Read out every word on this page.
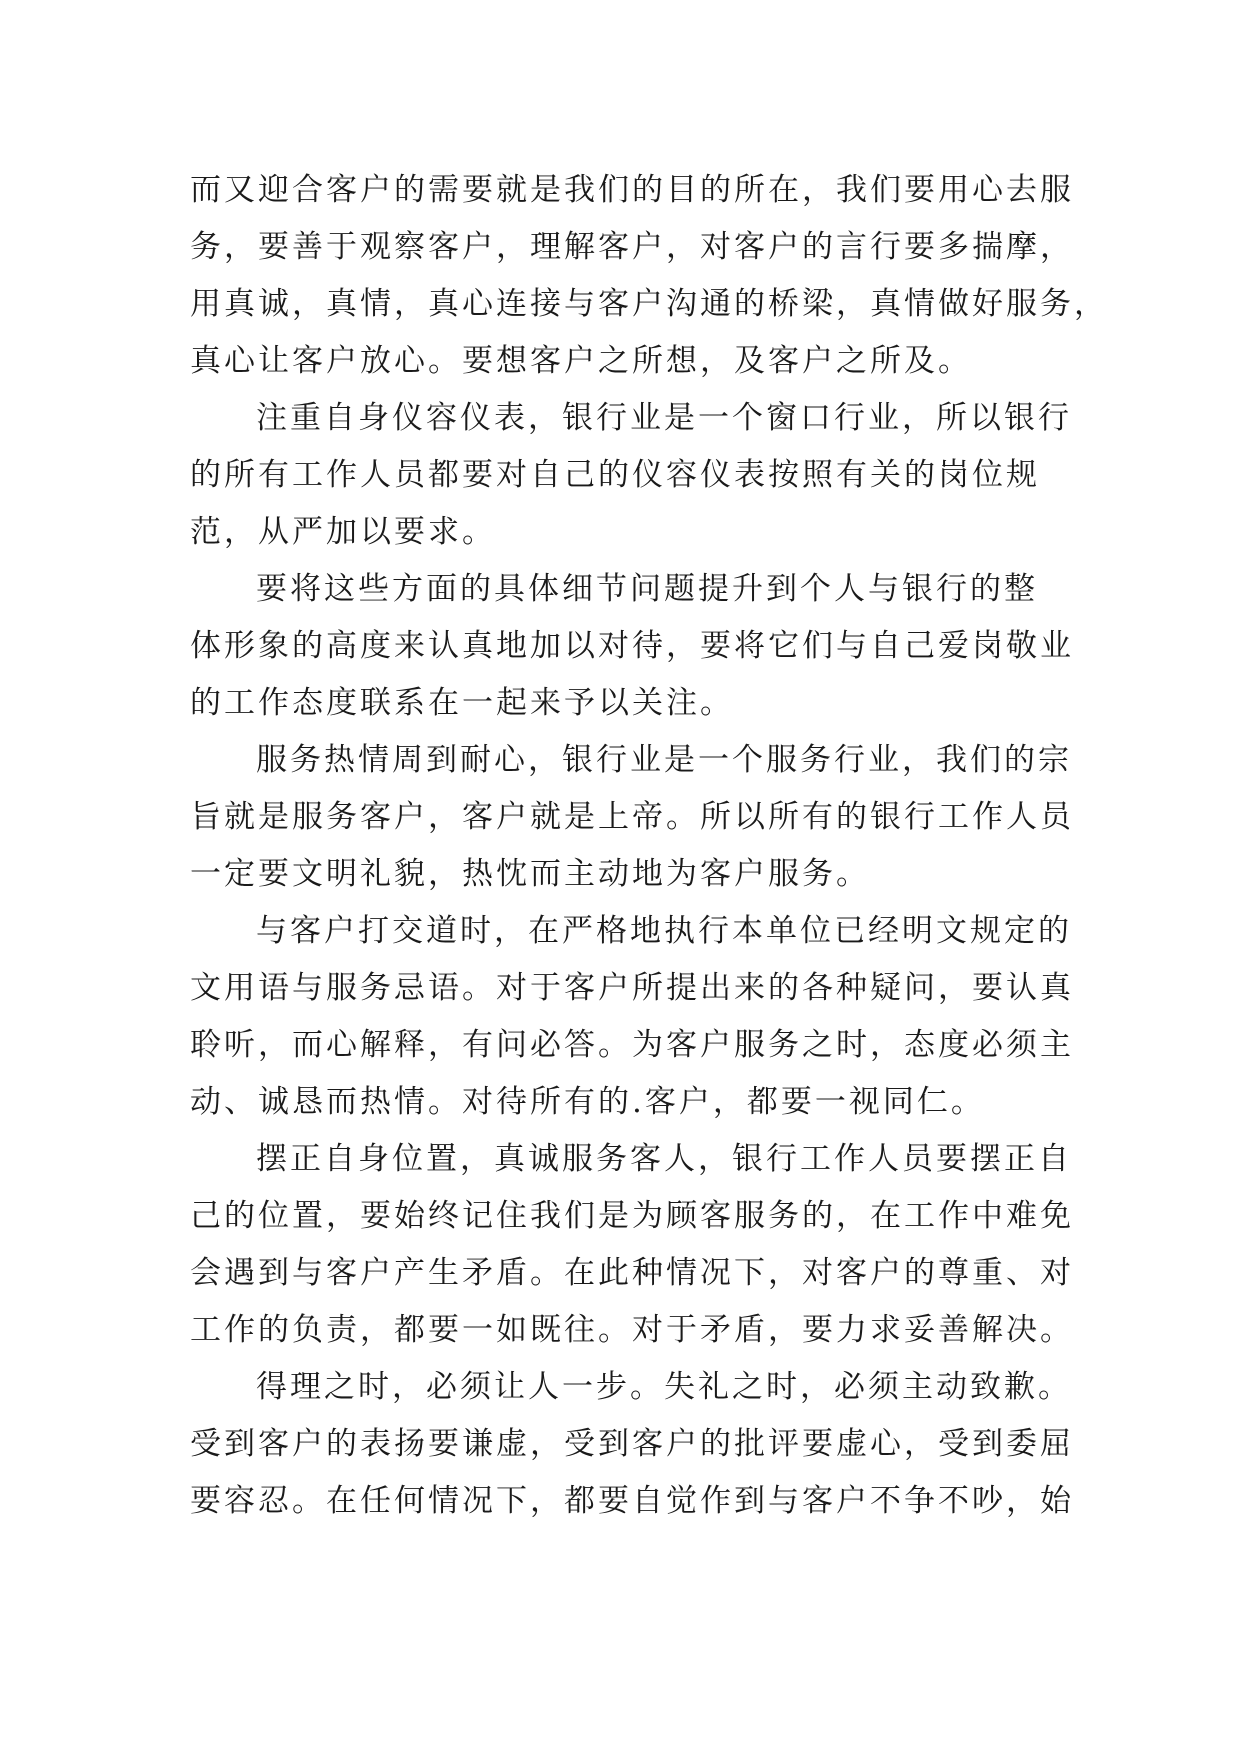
而又迎合客户的需要就是我们的目的所在，我们要用心去服
务，要善于观察客户，理解客户，对客户的言行要多揣摩，
用真诚，真情，真心连接与客户沟通的桥梁，真情做好服务，
真心让客户放心。要想客户之所想，及客户之所及。
注重自身仪容仪表，银行业是一个窗口行业，所以银行
的所有工作人员都要对自己的仪容仪表按照有关的岗位规
范，从严加以要求。
要将这些方面的具体细节问题提升到个人与银行的整
体形象的高度来认真地加以对待，要将它们与自己爱岗敬业
的工作态度联系在一起来予以关注。
服务热情周到耐心，银行业是一个服务行业，我们的宗
旨就是服务客户，客户就是上帝。所以所有的银行工作人员
一定要文明礼貌，热忱而主动地为客户服务。
与客户打交道时，在严格地执行本单位已经明文规定的
文用语与服务忌语。对于客户所提出来的各种疑问，要认真
聆听，而心解释，有问必答。为客户服务之时，态度必须主
动、诚恳而热情。对待所有的.客户，都要一视同仁。
摆正自身位置，真诚服务客人，银行工作人员要摆正自
己的位置，要始终记住我们是为顾客服务的，在工作中难免
会遇到与客户产生矛盾。在此种情况下，对客户的尊重、对
工作的负责，都要一如既往。对于矛盾，要力求妥善解决。
得理之时，必须让人一步。失礼之时，必须主动致歉。
受到客户的表扬要谦虚，受到客户的批评要虚心，受到委屈
要容忍。在任何情况下，都要自觉作到与客户不争不吵，始
